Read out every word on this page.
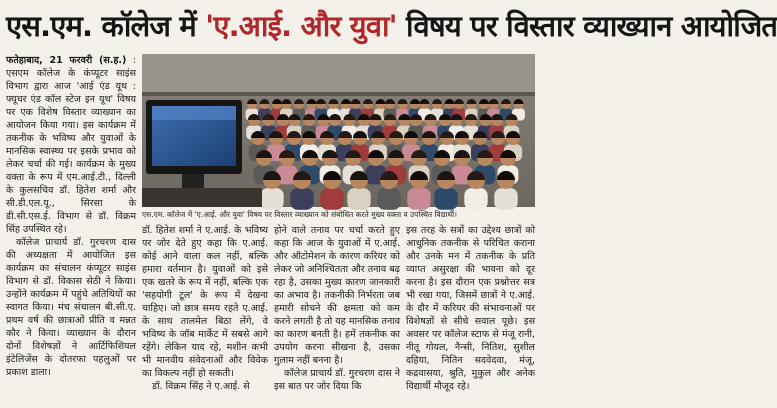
एस.एम. कॉलेज में 'ए.आई. और युवा' विषय पर विस्तार व्याख्यान आयोजित

फतेहाबाद, 21 फरवरी (स.ह.) : एसएम कॉलेज के कंप्यूटर साइंस विभाग द्वारा आज 'आई एंड यूथ : फ्यूचर एंड कॉल स्टेज इन यूथ' विषय पर एक विशेष विस्तार व्याख्यान का आयोजन किया गया। इस कार्यक्रम में तकनीक के भविष्य और युवाओं के मानसिक स्वास्थ्य पर इसके प्रभाव को लेकर चर्चा की गई। कार्यक्रम के मुख्य वक्ता के रूप में एम.आई.टी., दिल्ली के कुलसचिव डॉ. हितेश शर्मा और सी.डी.एल.यू., सिरसा के डी.सी.एस.ई. विभाग से डॉ. विक्रम सिंह उपस्थित रहे।

कॉलेज प्राचार्य डॉ. गुरचरण दास की अध्यक्षता में आयोजित इस कार्यक्रम का संचालन कंप्यूटर साइंस विभाग से डॉ. विकास सेठी ने किया। उन्होंने कार्यक्रम में पहुंचे अतिथियों का स्वागत किया। मंच संचालन बी.सी.ए. प्रथम वर्ष की छात्राओं प्रीति व मन्नत कौर ने किया। व्याख्यान के दौरान दोनों विशेषज्ञों ने आर्टिफिशियल इंटेलिजेंस के दोतरफा पहलुओं पर प्रकाश डाला।

एस.एम. कॉलेज में 'ए.आई. और युवा' विषय पर विस्तार व्याख्यान को संबोधित करते मुख्य वक्ता व उपस्थित विद्यार्थी।

डॉ. हितेश शर्मा ने ए.आई. के भविष्य पर जोर देते हुए कहा कि ए.आई. कोई आने वाला कल नहीं, बल्कि हमारा वर्तमान है। युवाओं को इसे एक खतरे के रूप में नहीं, बल्कि एक 'सहयोगी टूल' के रूप में देखना चाहिए। जो छात्र समय रहते ए.आई. के साथ तालमेल बिठा लेंगे, वे भविष्य के जॉब मार्केट में सबसे आगे रहेंगे। लेकिन याद रहे, मशीन कभी भी मानवीय संवेदनाओं और विवेक का विकल्प नहीं हो सकती।

डॉ. विक्रम सिंह ने ए.आई. से

होने वाले तनाव पर चर्चा करते हुए कहा कि आज के युवाओं में ए.आई. और ऑटोमेशन के कारण करियर को लेकर जो अनिश्चितता और तनाव बढ़ रहा है, उसका मुख्य कारण जानकारी का अभाव है। तकनीकी निर्भरता जब हमारी सोचने की क्षमता को कम करने लगती है तो यह मानसिक तनाव का कारण बनती है। हमें तकनीक का उपयोग करना सीखना है, उसका गुलाम नहीं बनना है।

कॉलेज प्राचार्य डॉ. गुरचरण दास ने इस बात पर जोर दिया कि

इस तरह के सत्रों का उद्देश्य छात्रों को आधुनिक तकनीक से परिचित कराना और उनके मन में तकनीक के प्रति व्याप्त असुरक्षा की भावना को दूर करना है। इस दौरान एक प्रश्नोत्तर सत्र भी रखा गया, जिसमें छात्रों ने ए.आई. के दौर में करियर की संभावनाओं पर विशेषज्ञों से सीधे सवाल पूछे। इस अवसर पर कॉलेज स्टाफ से मंजू रानी, नीतू गोयल, नैन्सी, नितिश, सुशील दहिया, नितिन सदवेदवा, मंजू, कद्रवासया, श्रुति, मुकुल और अनेक विद्यार्थी मौजूद रहे।
